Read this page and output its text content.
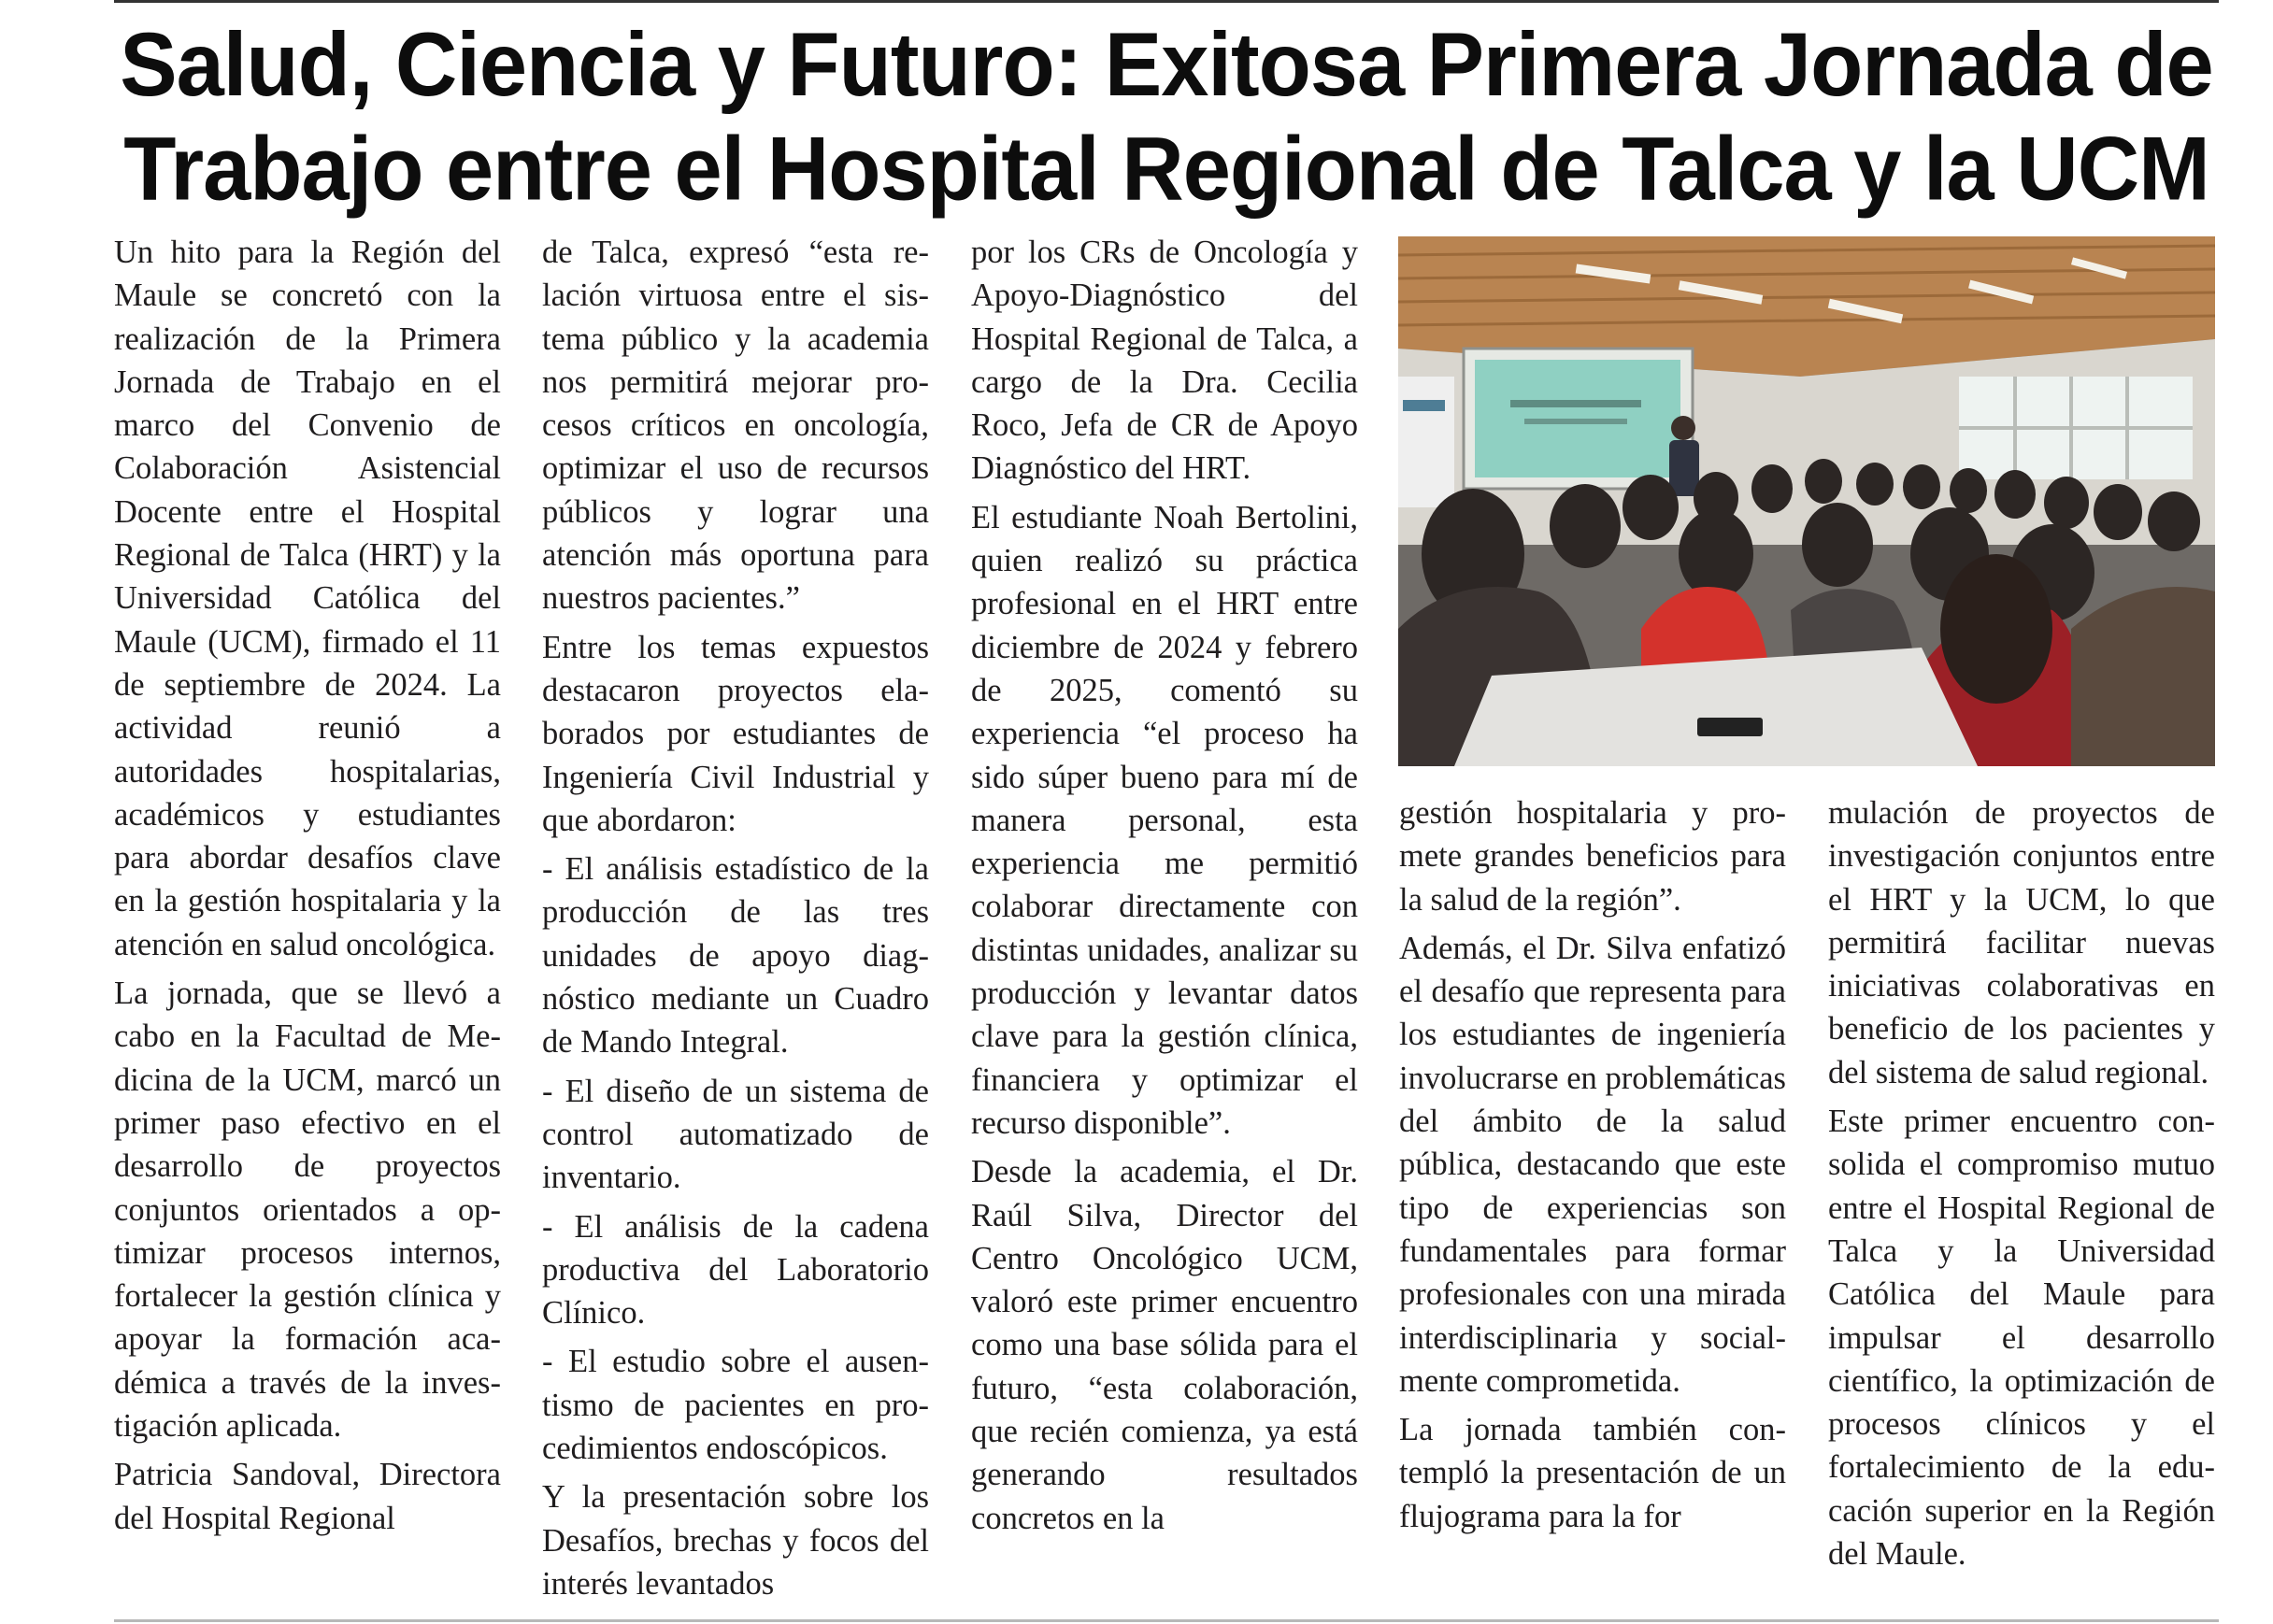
Salud, Ciencia y Futuro: Exitosa Primera Jornada de
Trabajo entre el Hospital Regional de Talca y la UCM

Un hito para la Región del Maule se concretó con la realización de la Primera Jornada de Trabajo en el marco del Convenio de Colaboración Asistencial Docente entre el Hospital Regional de Talca (HRT) y la Universidad Católica del Maule (UCM), firmado el 11 de septiembre de 2024. La actividad reunió a autoridades hospitalarias, académicos y estudiantes para abordar desafíos clave en la gestión hospitalaria y la atención en salud oncológica.

La jornada, que se llevó a cabo en la Facultad de Medicina de la UCM, marcó un primer paso efectivo en el desarrollo de proyectos conjuntos orientados a optimizar procesos internos, fortalecer la gestión clínica y apoyar la formación académica a través de la investigación aplicada.

Patricia Sandoval, Directora del Hospital Regional

de Talca, expresó “esta relación virtuosa entre el sistema público y la academia nos permitirá mejorar procesos críticos en oncología, optimizar el uso de recursos públicos y lograr una atención más oportuna para nuestros pacientes.”

Entre los temas expuestos destacaron proyectos elaborados por estudiantes de Ingeniería Civil Industrial y que abordaron:

- El análisis estadístico de la producción de las tres unidades de apoyo diagnóstico mediante un Cuadro de Mando Integral.

- El diseño de un sistema de control automatizado de inventario.

- El análisis de la cadena productiva del Laboratorio Clínico.

- El estudio sobre el ausentismo de pacientes en procedimientos endoscópicos.

Y la presentación sobre los Desafíos, brechas y focos del interés levantados

por los CRs de Oncología y Apoyo-Diagnóstico del Hospital Regional de Talca, a cargo de la Dra. Cecilia Roco, Jefa de CR de Apoyo Diagnóstico del HRT.

El estudiante Noah Bertolini, quien realizó su práctica profesional en el HRT entre diciembre de 2024 y febrero de 2025, comentó su experiencia “el proceso ha sido súper bueno para mí de manera personal, esta experiencia me permitió colaborar directamente con distintas unidades, analizar su producción y levantar datos clave para la gestión clínica, financiera y optimizar el recurso disponible”.

Desde la academia, el Dr. Raúl Silva, Director del Centro Oncológico UCM, valoró este primer encuentro como una base sólida para el futuro, “esta colaboración, que recién comienza, ya está generando resultados concretos en la

gestión hospitalaria y promete grandes beneficios para la salud de la región”.

Además, el Dr. Silva enfatizó el desafío que representa para los estudiantes de ingeniería involucrarse en problemáticas del ámbito de la salud pública, destacando que este tipo de experiencias son fundamentales para formar profesionales con una mirada interdisciplinaria y socialmente comprometida.

La jornada también contempló la presentación de un flujograma para la for

mulación de proyectos de investigación conjuntos entre el HRT y la UCM, lo que permitirá facilitar nuevas iniciativas colaborativas en beneficio de los pacientes y del sistema de salud regional.

Este primer encuentro consolida el compromiso mutuo entre el Hospital Regional de Talca y la Universidad Católica del Maule para impulsar el desarrollo científico, la optimización de procesos clínicos y el fortalecimiento de la educación superior en la Región del Maule.
